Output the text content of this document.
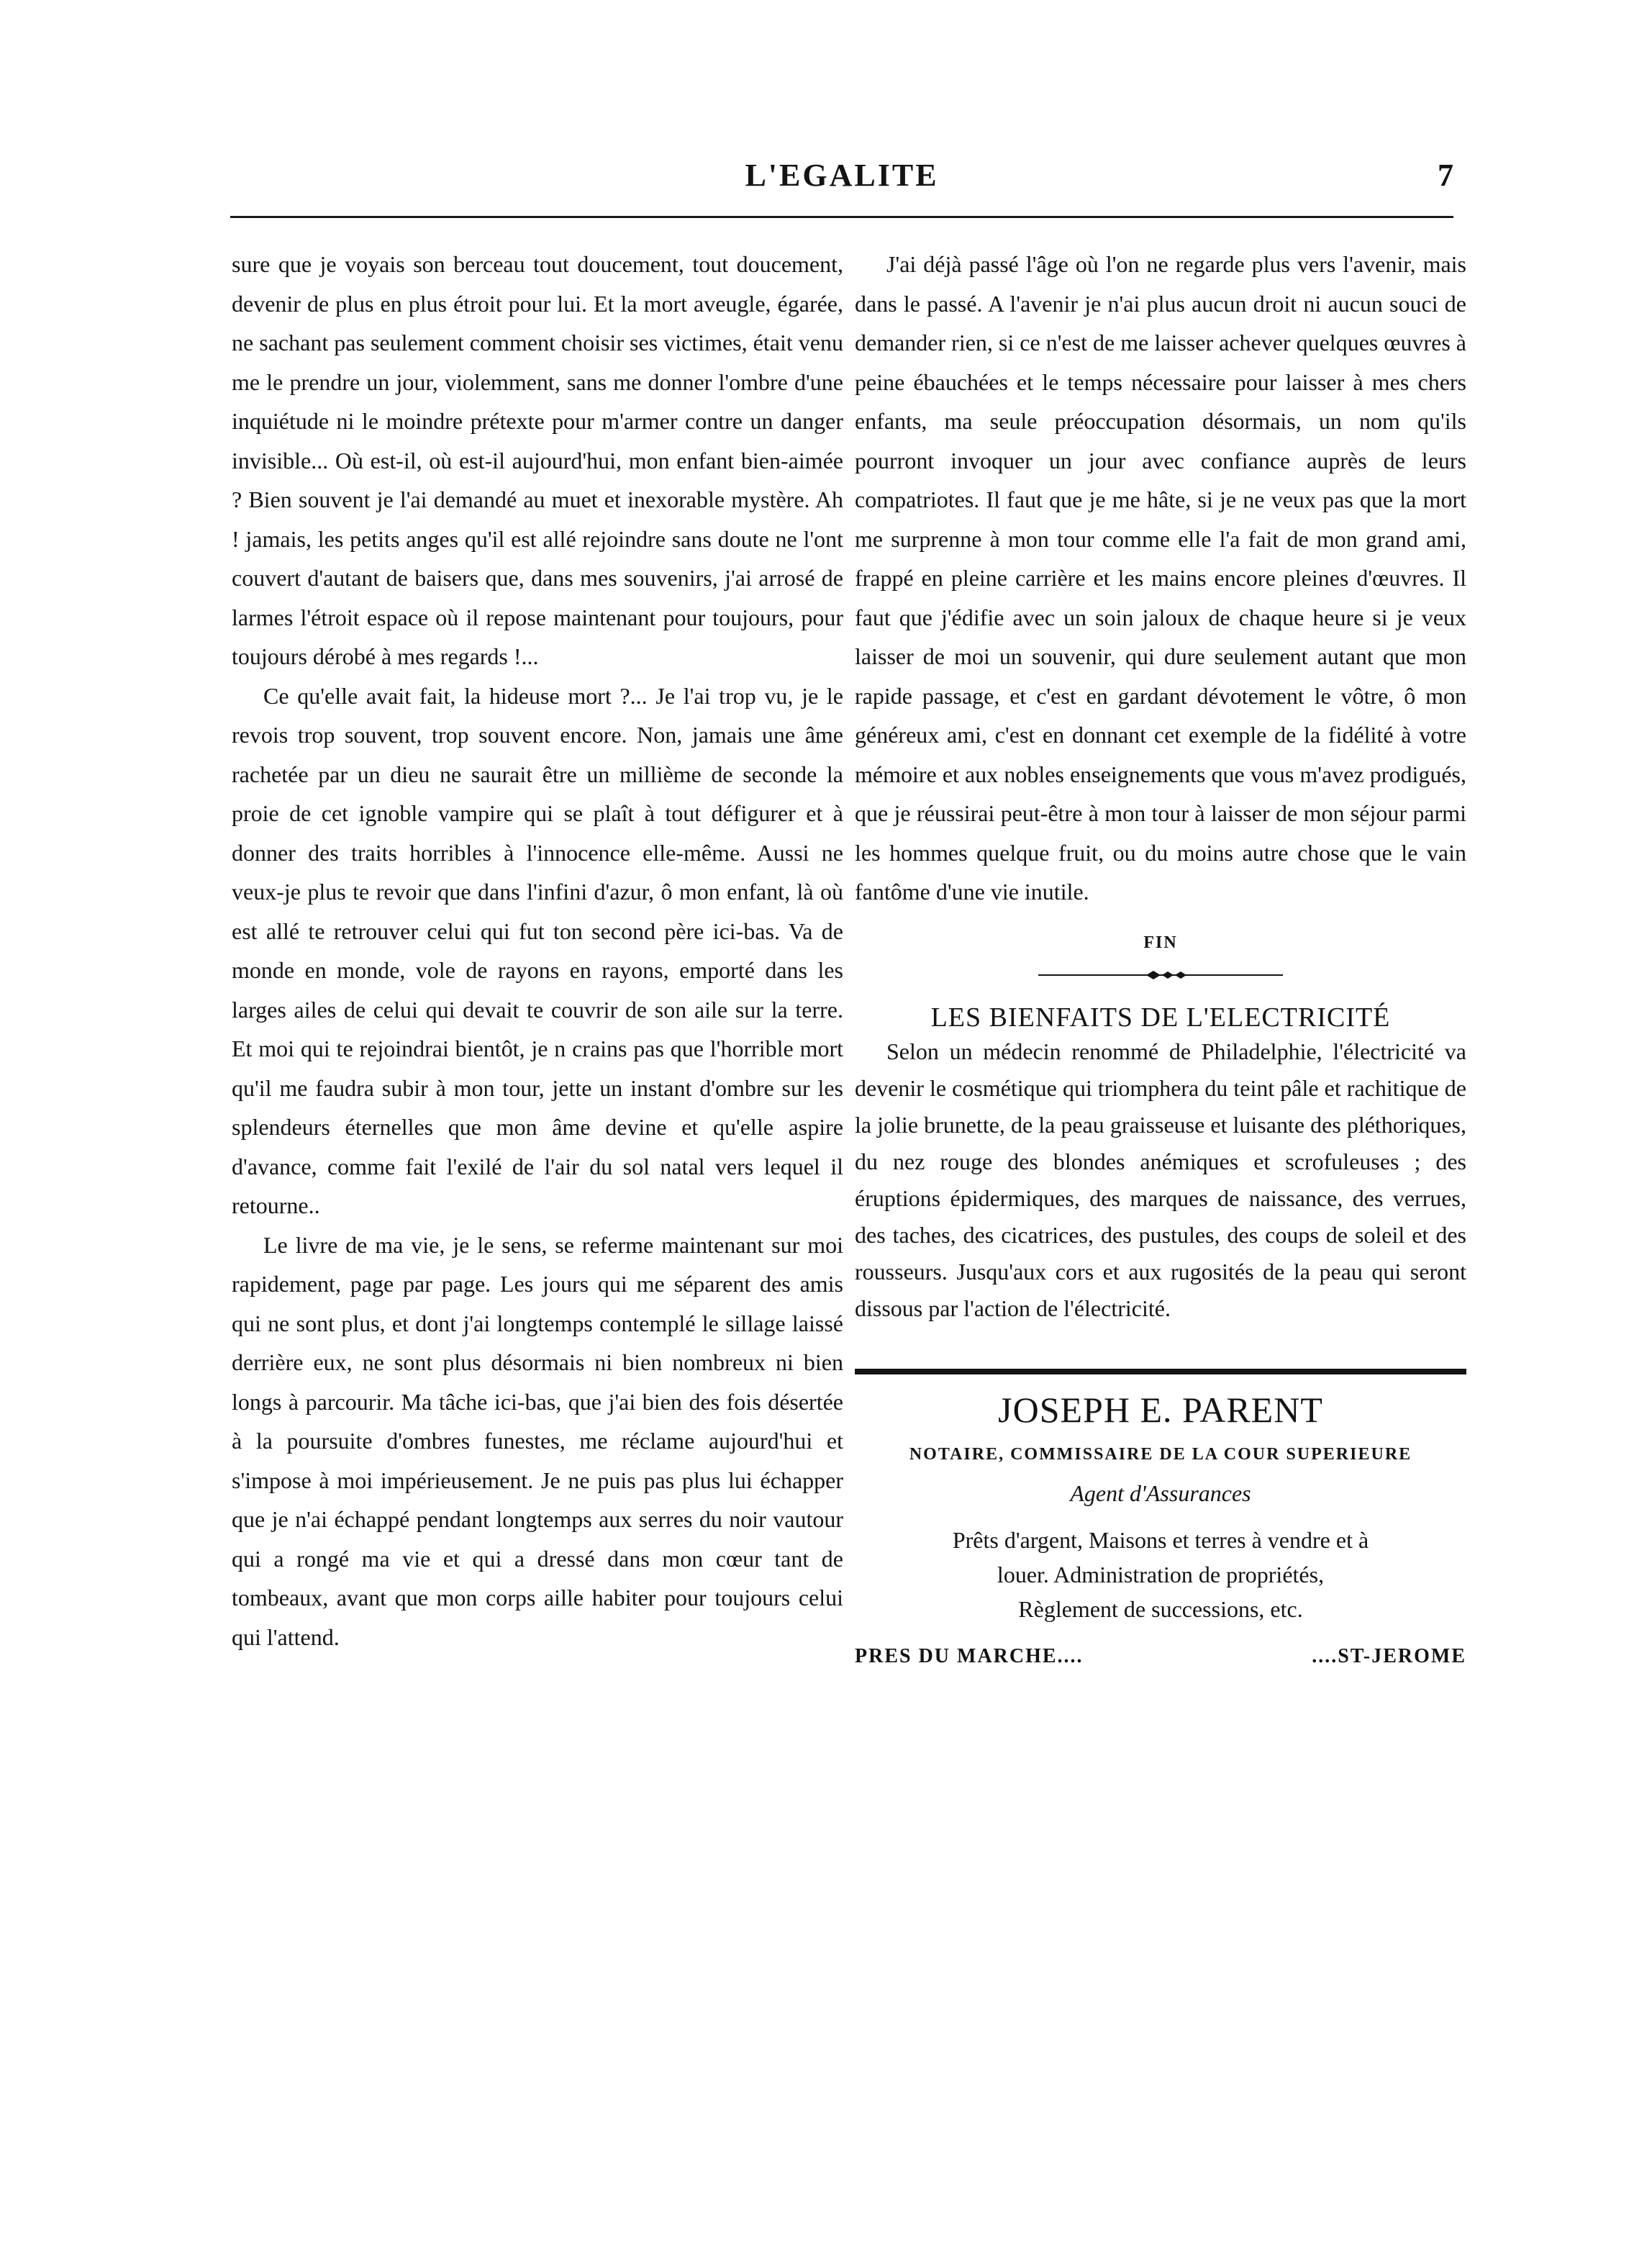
L'EGALITE	7

sure que je voyais son berceau tout doucement, tout doucement, devenir de plus en plus étroit pour lui. Et la mort aveugle, égarée, ne sachant pas seulement comment choisir ses victimes, était venu me le prendre un jour, violemment, sans me donner l'ombre d'une inquiétude ni le moindre prétexte pour m'armer contre un danger invisible... Où est-il, où est-il aujourd'hui, mon enfant bien-aimée ? Bien souvent je l'ai demandé au muet et inexorable mystère. Ah ! jamais, les petits anges qu'il est allé rejoindre sans doute ne l'ont couvert d'autant de baisers que, dans mes souvenirs, j'ai arrosé de larmes l'étroit espace où il repose maintenant pour toujours, pour toujours dérobé à mes regards !...

Ce qu'elle avait fait, la hideuse mort ?... Je l'ai trop vu, je le revois trop souvent, trop souvent encore. Non, jamais une âme rachetée par un dieu ne saurait être un millième de seconde la proie de cet ignoble vampire qui se plaît à tout défigurer et à donner des traits horribles à l'innocence elle-même. Aussi ne veux-je plus te revoir que dans l'infini d'azur, ô mon enfant, là où est allé te retrouver celui qui fut ton second père ici-bas. Va de monde en monde, vole de rayons en rayons, emporté dans les larges ailes de celui qui devait te couvrir de son aile sur la terre. Et moi qui te rejoindrai bientôt, je n crains pas que l'horrible mort qu'il me faudra subir à mon tour, jette un instant d'ombre sur les splendeurs éternelles que mon âme devine et qu'elle aspire d'avance, comme fait l'exilé de l'air du sol natal vers lequel il retourne..

Le livre de ma vie, je le sens, se referme maintenant sur moi rapidement, page par page. Les jours qui me séparent des amis qui ne sont plus, et dont j'ai longtemps contemplé le sillage laissé derrière eux, ne sont plus désormais ni bien nombreux ni bien longs à parcourir. Ma tâche ici-bas, que j'ai bien des fois désertée à la poursuite d'ombres funestes, me réclame aujourd'hui et s'impose à moi impérieusement. Je ne puis pas plus lui échapper que je n'ai échappé pendant longtemps aux serres du noir vautour qui a rongé ma vie et qui a dressé dans mon cœur tant de tombeaux, avant que mon corps aille habiter pour toujours celui qui l'attend.

J'ai déjà passé l'âge où l'on ne regarde plus vers l'avenir, mais dans le passé. A l'avenir je n'ai plus aucun droit ni aucun souci de demander rien, si ce n'est de me laisser achever quelques œuvres à peine ébauchées et le temps nécessaire pour laisser à mes chers enfants, ma seule préoccupation désormais, un nom qu'ils pourront invoquer un jour avec confiance auprès de leurs compatriotes. Il faut que je me hâte, si je ne veux pas que la mort me surprenne à mon tour comme elle l'a fait de mon grand ami, frappé en pleine carrière et les mains encore pleines d'œuvres. Il faut que j'édifie avec un soin jaloux de chaque heure si je veux laisser de moi un souvenir, qui dure seulement autant que mon rapide passage, et c'est en gardant dévotement le vôtre, ô mon généreux ami, c'est en donnant cet exemple de la fidélité à votre mémoire et aux nobles enseignements que vous m'avez prodigués, que je réussirai peut-être à mon tour à laisser de mon séjour parmi les hommes quelque fruit, ou du moins autre chose que le vain fantôme d'une vie inutile.

FIN
LES BIENFAITS DE L'ELECTRICITÉ

Selon un médecin renommé de Philadelphie, l'électricité va devenir le cosmétique qui triomphera du teint pâle et rachitique de la jolie brunette, de la peau graisseuse et luisante des pléthoriques, du nez rouge des blondes anémiques et scrofuleuses ; des éruptions épidermiques, des marques de naissance, des verrues, des taches, des cicatrices, des pustules, des coups de soleil et des rousseurs. Jusqu'aux cors et aux rugosités de la peau qui seront dissous par l'action de l'électricité.

JOSEPH E. PARENT
NOTAIRE, COMMISSAIRE DE LA COUR SUPERIEURE
Agent d'Assurances
Prêts d'argent, Maisons et terres à vendre et à
louer. Administration de propriétés,
Règlement de successions, etc.
PRES DU MARCHE....	....ST-JEROME
